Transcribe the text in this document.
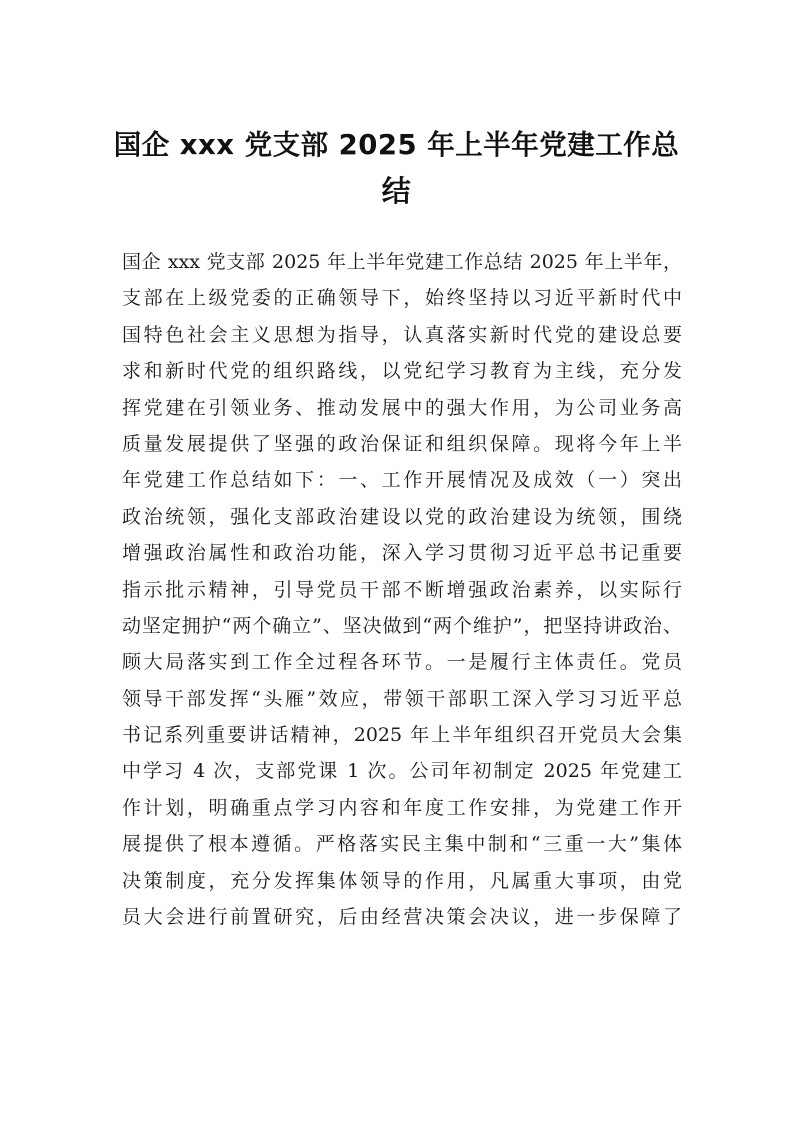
国企 xxx 党支部 2025 年上半年党建工作总
结
国企 xxx 党支部 2025 年上半年党建工作总结 2025 年上半年，
支部在上级党委的正确领导下，始终坚持以习近平新时代中
国特色社会主义思想为指导，认真落实新时代党的建设总要
求和新时代党的组织路线，以党纪学习教育为主线，充分发
挥党建在引领业务、推动发展中的强大作用，为公司业务高
质量发展提供了坚强的政治保证和组织保障。现将今年上半
年党建工作总结如下：一、工作开展情况及成效（一）突出
政治统领，强化支部政治建设以党的政治建设为统领，围绕
增强政治属性和政治功能，深入学习贯彻习近平总书记重要
指示批示精神，引导党员干部不断增强政治素养，以实际行
动坚定拥护“两个确立”、坚决做到“两个维护”，把坚持讲政治、
顾大局落实到工作全过程各环节。一是履行主体责任。党员
领导干部发挥“头雁”效应，带领干部职工深入学习习近平总
书记系列重要讲话精神，2025 年上半年组织召开党员大会集
中学习 4 次，支部党课 1 次。公司年初制定 2025 年党建工
作计划，明确重点学习内容和年度工作安排，为党建工作开
展提供了根本遵循。严格落实民主集中制和“三重一大”集体
决策制度，充分发挥集体领导的作用，凡属重大事项，由党
员大会进行前置研究，后由经营决策会决议，进一步保障了
